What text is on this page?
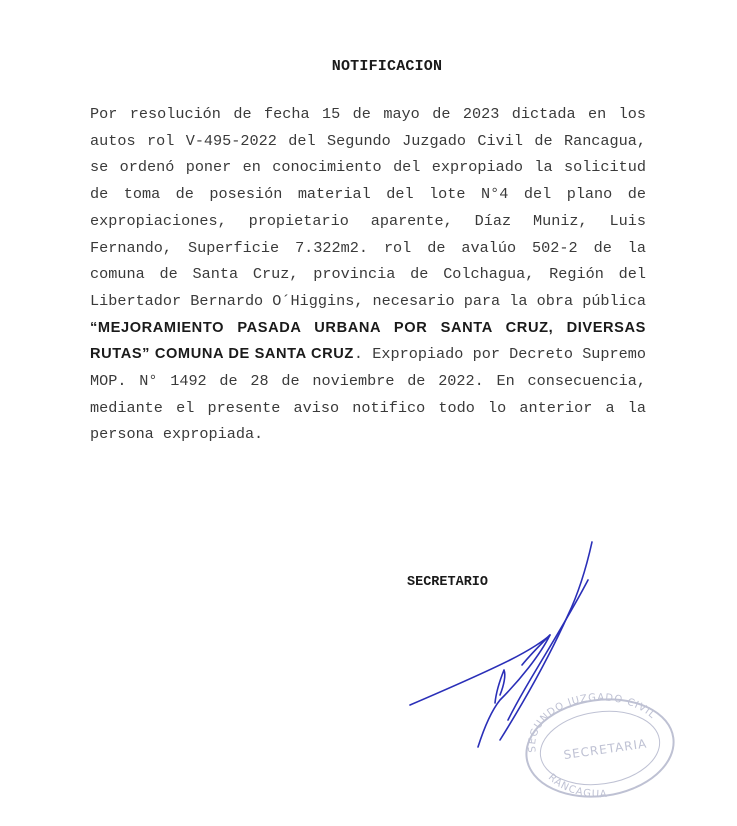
NOTIFICACION
Por resolución de fecha 15 de mayo de 2023 dictada en los autos rol V-495-2022 del Segundo Juzgado Civil de Rancagua, se ordenó poner en conocimiento del expropiado la solicitud de toma de posesión material del lote N°4 del plano de expropiaciones, propietario aparente, Díaz Muniz, Luis Fernando, Superficie 7.322m2. rol de avalúo 502-2 de la comuna de Santa Cruz, provincia de Colchagua, Región del Libertador Bernardo O´Higgins, necesario para la obra pública “MEJORAMIENTO PASADA URBANA POR SANTA CRUZ, DIVERSAS RUTAS” COMUNA DE SANTA CRUZ. Expropiado por Decreto Supremo MOP. N° 1492 de 28 de noviembre de 2022. En consecuencia, mediante el presente aviso notifico todo lo anterior a la persona expropiada.
SECRETARIO
SEGUNDO JUZGADO CIVIL
SECRETARIA
RANCAGUA
